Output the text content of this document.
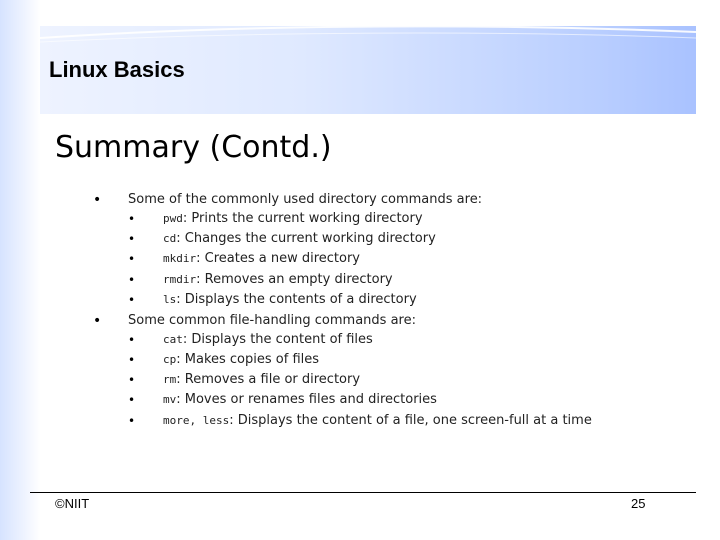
Linux Basics
Summary (Contd.)
• Some of the commonly used directory commands are:
•	pwd: Prints the current working directory
•	cd: Changes the current working directory
•	mkdir: Creates a new directory
•	rmdir: Removes an empty directory
•	ls: Displays the contents of a directory
• Some common file-handling commands are:
•	cat: Displays the content of files
•	cp: Makes copies of files
•	rm: Removes a file or directory
•	mv: Moves or renames files and directories
•	more, less: Displays the content of a file, one screen-full at a time
©NIIT	25
